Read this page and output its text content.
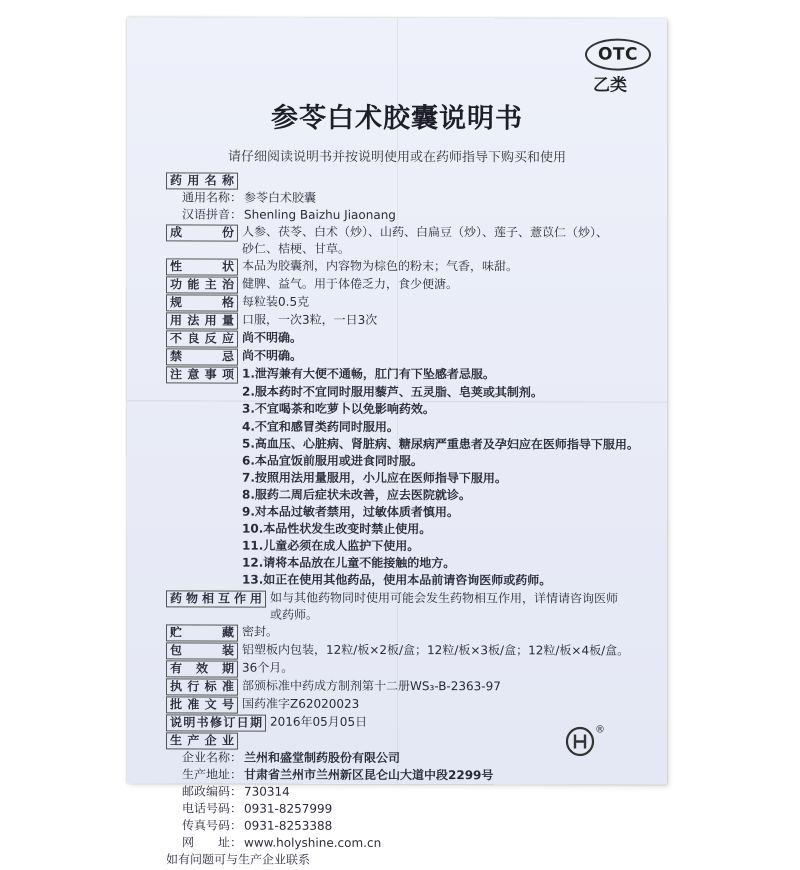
OTC
乙类
参苓白术胶囊说明书
请仔细阅读说明书并按说明使用或在药师指导下购买和使用
药用名称
通用名称： 参苓白术胶囊
汉语拼音： Shenling Baizhu Jiaonang
成份 人参、茯苓、白术（炒）、山药、白扁豆（炒）、莲子、薏苡仁（炒）、
砂仁、桔梗、甘草。
性状 本品为胶囊剂，内容物为棕色的粉末；气香，味甜。
功能主治 健脾、益气。用于体倦乏力，食少便溏。
规格 每粒装0.5克
用法用量 口服，一次3粒，一日3次
不良反应 尚不明确。
禁忌 尚不明确。
注意事项 1.泄泻兼有大便不通畅，肛门有下坠感者忌服。
2.服本药时不宜同时服用藜芦、五灵脂、皂荚或其制剂。
3.不宜喝茶和吃萝卜以免影响药效。
4.不宜和感冒类药同时服用。
5.高血压、心脏病、肾脏病、糖尿病严重患者及孕妇应在医师指导下服用。
6.本品宜饭前服用或进食同时服。
7.按照用法用量服用，小儿应在医师指导下服用。
8.服药二周后症状未改善，应去医院就诊。
9.对本品过敏者禁用，过敏体质者慎用。
10.本品性状发生改变时禁止使用。
11.儿童必须在成人监护下使用。
12.请将本品放在儿童不能接触的地方。
13.如正在使用其他药品，使用本品前请咨询医师或药师。
药物相互作用 如与其他药物同时使用可能会发生药物相互作用，详情请咨询医师
或药师。
贮藏 密封。
包装 铝塑板内包装，12粒/板×2板/盒；12粒/板×3板/盒；12粒/板×4板/盒。
有效期 36个月。
执行标准 部颁标准中药成方制剂第十二册WS₃-B-2363-97
批准文号 国药准字Z62020023
说明书修订日期 2016年05月05日
生产企业
企业名称： 兰州和盛堂制药股份有限公司
生产地址： 甘肃省兰州市兰州新区昆仑山大道中段2299号
邮政编码： 730314
电话号码： 0931-8257999
传真号码： 0931-8253388
网　　址： www.holyshine.com.cn
如有问题可与生产企业联系
®
